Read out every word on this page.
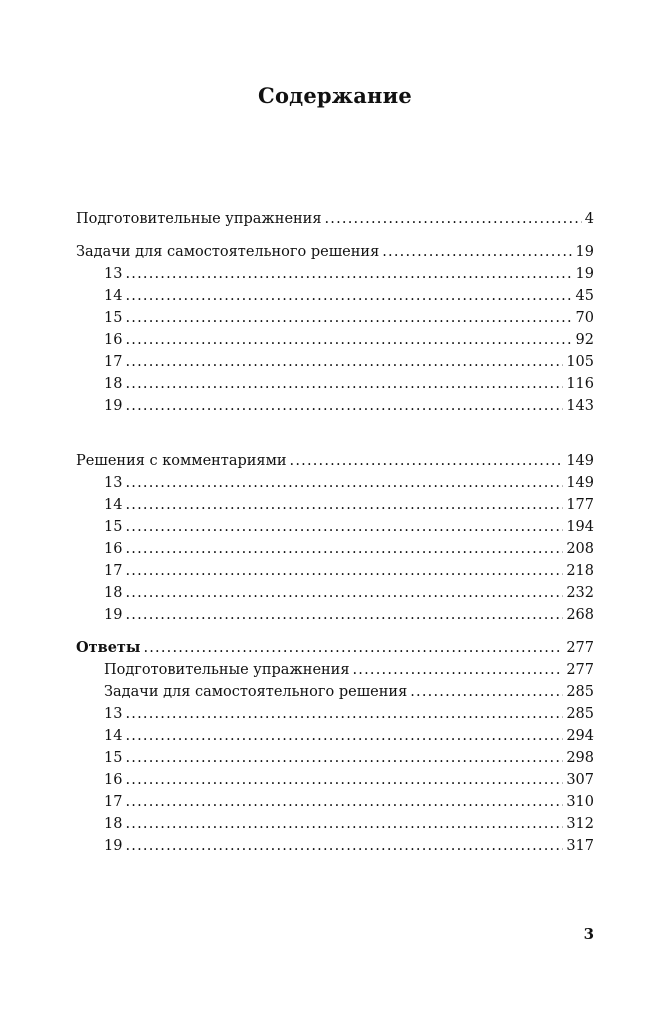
Содержание
Подготовительные упражнения .....	4
Задачи для самостоятельного решения .....	19
13 .....	19
14 .....	45
15 .....	70
16 .....	92
17 .....	105
18 .....	116
19 .....	143
Решения с комментариями .....	149
13 .....	149
14 .....	177
15 .....	194
16 .....	208
17 .....	218
18 .....	232
19 .....	268
Ответы .....	277
Подготовительные упражнения .....	277
Задачи для самостоятельного решения .....	285
13 .....	285
14 .....	294
15 .....	298
16 .....	307
17 .....	310
18 .....	312
19 .....	317
3
